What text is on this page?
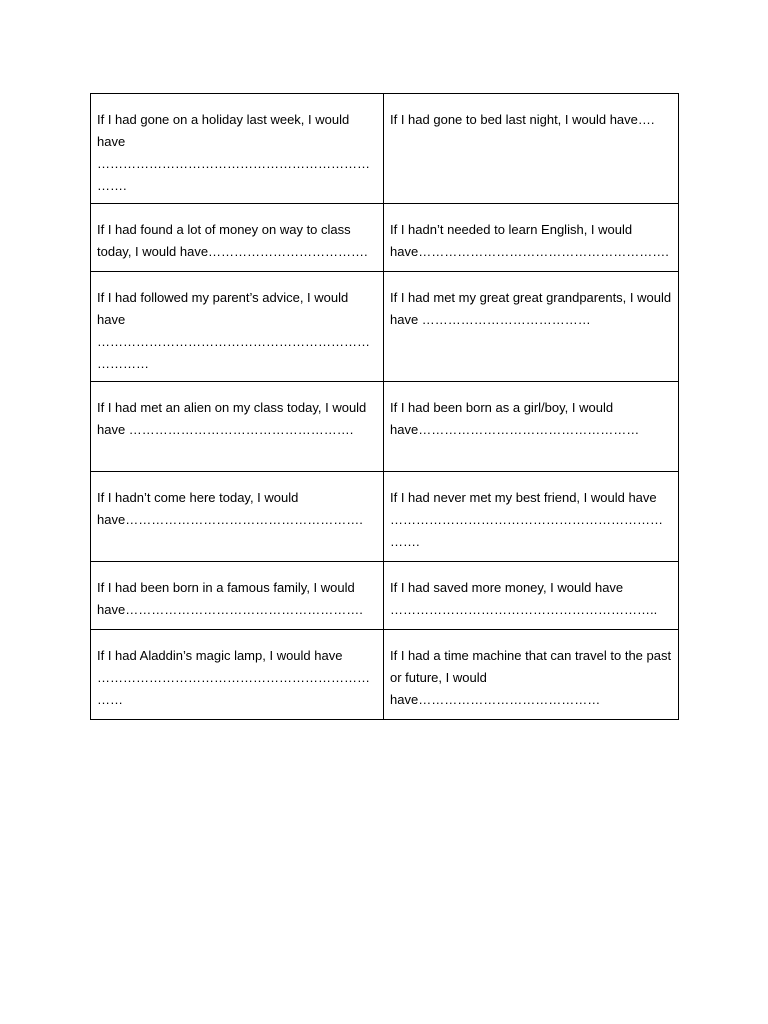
If I had gone on a holiday last week, I would have …………………………………………………………….	If I had gone to bed last night, I would have….

If I had found a lot of money on way to class today, I would have……………………………….	If I hadn’t needed to learn English, I would have………………………………………………….

If I had followed my parent’s advice, I would have …………………………………………………………………	If I had met my great great grandparents, I would have …………………………………

If I had met an alien on my class today, I would have …………………………………………….	If I had been born as a girl/boy, I would have……………………………………………

If I hadn’t come here today, I would have……………………………………………….	If I had never met my best friend, I would have …………………………………………………………….

If I had been born in a famous family, I would have……………………………………………….	If I had saved more money, I would have ……………………………………………………..

If I had Aladdin’s magic lamp, I would have ……………………………………………………………	If I had a time machine that can travel to the past or future, I would have……………………………………
